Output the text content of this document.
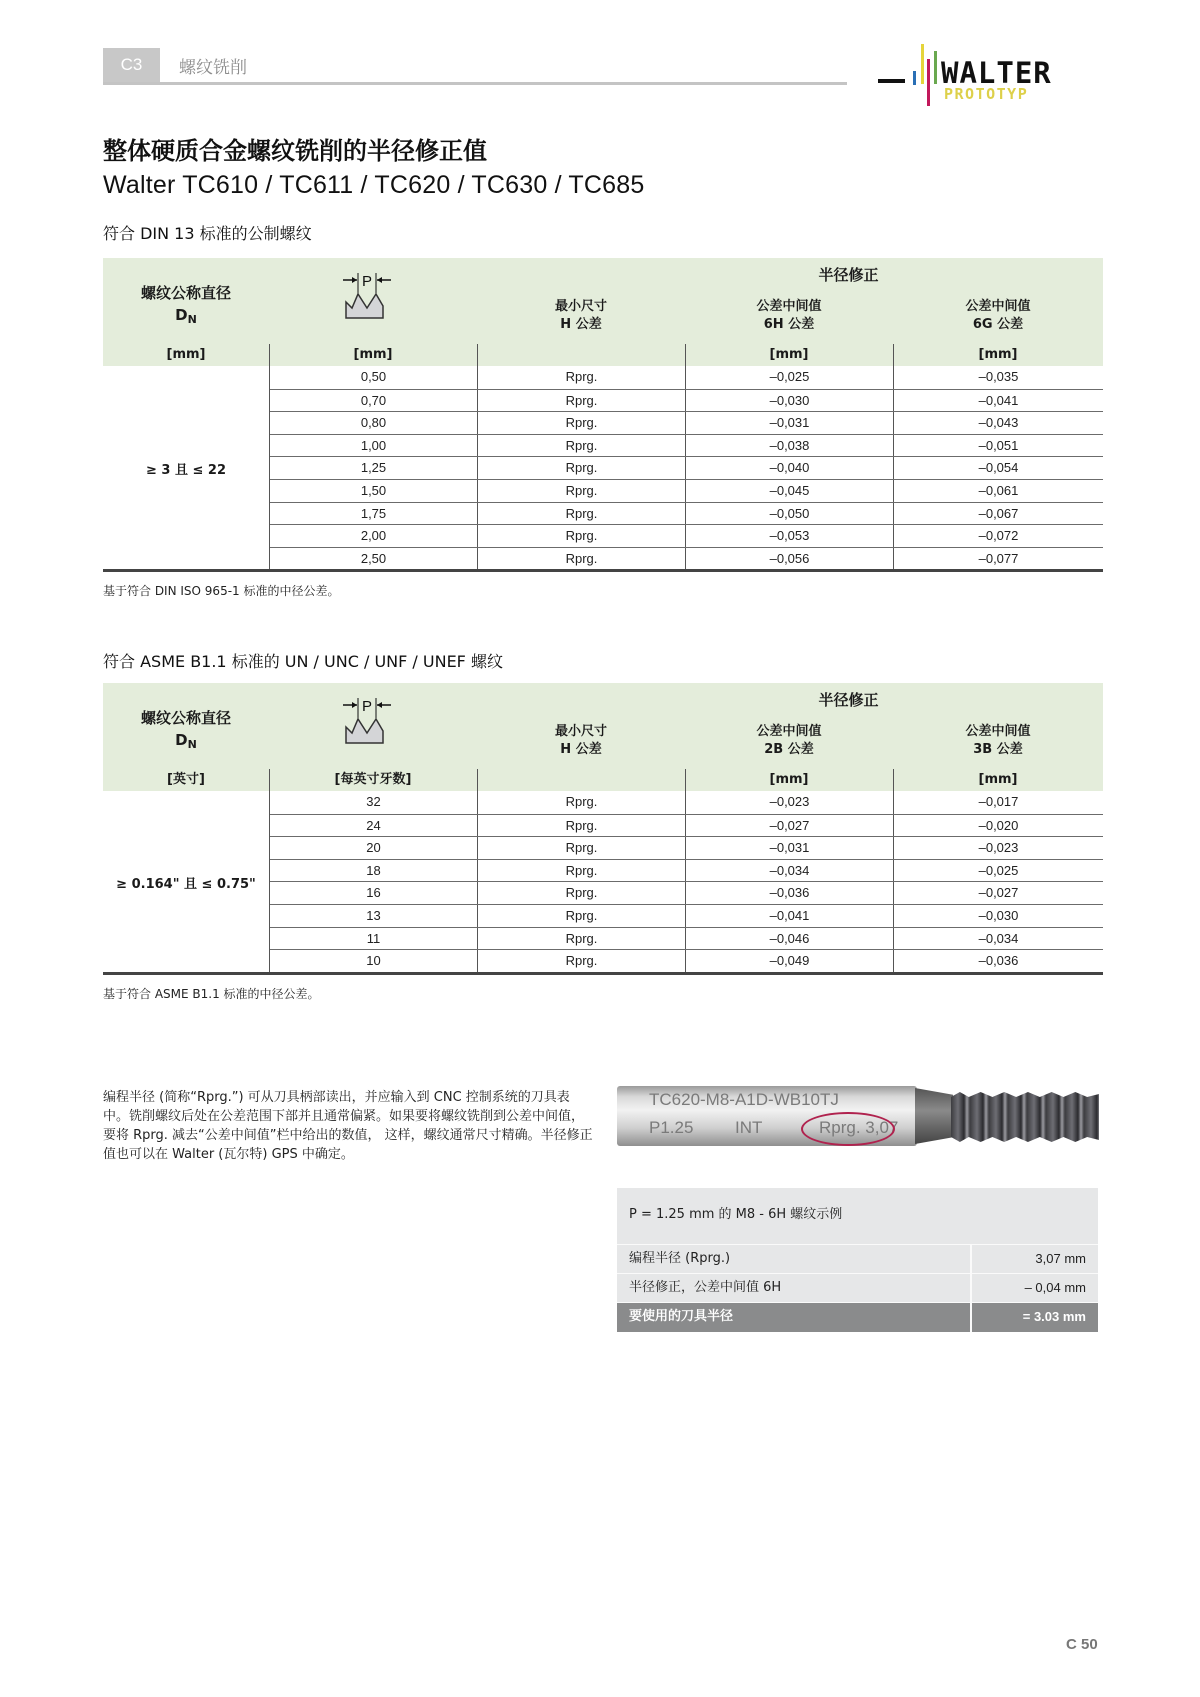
C3	螺纹铣削	WALTER
PROTOTYP
整体硬质合金螺纹铣削的半径修正值
Walter TC610 / TC611 / TC620 / TC630 / TC685
符合 DIN 13 标准的公制螺纹
螺纹公称直径
$D_N$
P	半径修正
最小尺寸
H 公差
公差中间值
6H 公差
公差中间值
6G 公差
[mm]	[mm]	[mm]	[mm]
≥ 3 且 ≤ 22
0,50	Rprg.	–0,025	–0,035
0,70	Rprg.	–0,030	–0,041
0,80	Rprg.	–0,031	–0,043
1,00	Rprg.	–0,038	–0,051
1,25	Rprg.	–0,040	–0,054
1,50	Rprg.	–0,045	–0,061
1,75	Rprg.	–0,050	–0,067
2,00	Rprg.	–0,053	–0,072
2,50	Rprg.	–0,056	–0,077
基于符合 DIN ISO 965-1 标准的中径公差。
符合 ASME B1.1 标准的 UN / UNC / UNF / UNEF 螺纹
螺纹公称直径
$D_N$
P	半径修正
最小尺寸
H 公差
公差中间值
2B 公差
公差中间值
3B 公差
[英寸]	[每英寸牙数]	[mm]	[mm]
≥ 0.164" 且 ≤ 0.75"
32	Rprg.	–0,023	–0,017
24	Rprg.	–0,027	–0,020
20	Rprg.	–0,031	–0,023
18	Rprg.	–0,034	–0,025
16	Rprg.	–0,036	–0,027
13	Rprg.	–0,041	–0,030
11	Rprg.	–0,046	–0,034
10	Rprg.	–0,049	–0,036
基于符合 ASME B1.1 标准的中径公差。
编程半径 (简称“Rprg.”) 可从刀具柄部读出，并应输入到 CNC 控制系统的刀具表中。铣削螺纹后处在公差范围下部并且通常偏紧。如果要将螺纹铣削到公差中间值，要将 Rprg. 减去“公差中间值”栏中给出的数值， 这样，螺纹通常尺寸精确。半径修正值也可以在 Walter (瓦尔特) GPS 中确定。
TC620-M8-A1D-WB10TJ
P1.25 INT	Rprg. 3,07
P = 1.25 mm 的 M8 - 6H 螺纹示例
编程半径 (Rprg.)	3,07 mm
半径修正，公差中间值 6H	– 0,04 mm
要使用的刀具半径	= 3.03 mm
C 50
